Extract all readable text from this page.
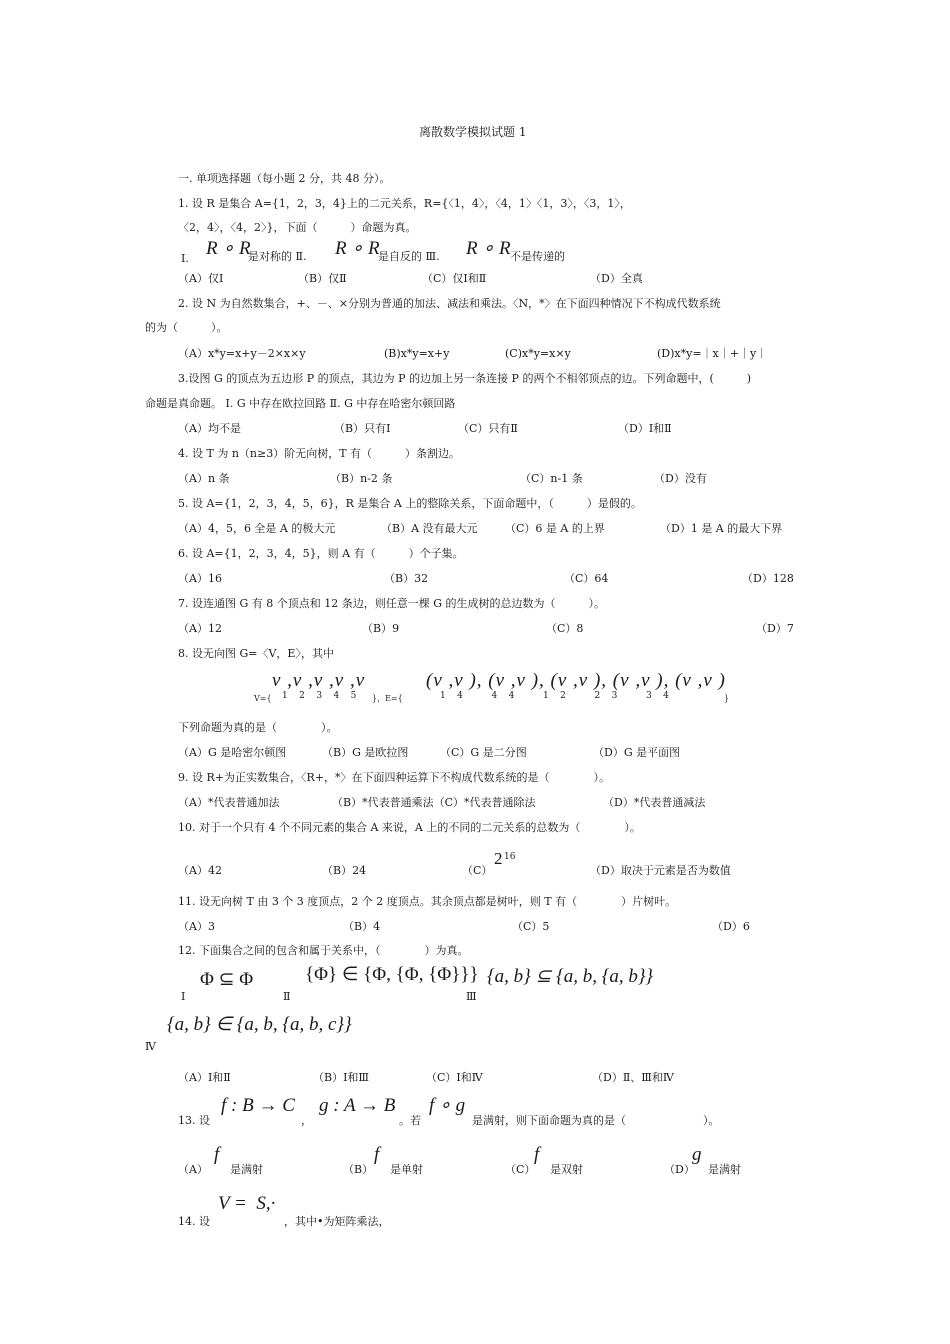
离散数学模拟试题 1
一. 单项选择题（每小题 2 分，共 48 分）。
1. 设 R 是集合 A={1，2，3，4}上的二元关系，R={〈1，4〉，〈4，1〉〈1，3〉，〈3，1〉，
〈2，4〉，〈4，2〉}，下面（　　　）命题为真。
Ⅰ. R ∘ R
是对称的 Ⅱ. R ∘ R
是自反的 Ⅲ. R ∘ R 不是传递的
（A）仅Ⅰ	（B）仅Ⅱ	（C）仅Ⅰ和Ⅱ	（D）全真
2. 设 N 为自然数集合，+、－、×分别为普通的加法、减法和乘法。〈N，*〉在下面四种情况下不构成代数系统
的为（　　　）。
（A）x*y=x+y－2×x×y	(B)x*y=x+y	(C)x*y=x×y	(D)x*y=｜x｜+｜y｜
3.设图 G 的顶点为五边形 P 的顶点，其边为 P 的边加上另一条连接 P 的两个不相邻顶点的边。下列命题中，(　　　)
命题是真命题。 Ⅰ. G 中存在欧拉回路 Ⅱ. G 中存在哈密尔顿回路
（A）均不是	（B）只有Ⅰ	（C）只有Ⅱ	（D）Ⅰ和Ⅱ
4. 设 T 为 n（n≥3）阶无向树，T 有（　　　）条割边。
（A）n 条	（B）n-2 条	（C）n-1 条	（D）没有
5. 设 A={1，2，3，4，5，6}，R 是集合 A 上的整除关系，下面命题中，（　　　）是假的。
（A）4，5，6 全是 A 的极大元	（B）A 没有最大元 （C）6 是 A 的上界	（D）1 是 A 的最大下界
6. 设 A={1，2，3，4，5}，则 A 有（　　　）个子集。
（A）16	（B）32	（C）64	（D）128
7. 设连通图 G 有 8 个顶点和 12 条边，则任意一棵 G 的生成树的总边数为（　　　）。
（A）12	（B）9	（C）8	（D）7
8. 设无向图 G=〈V，E〉，其中
V={
v ,v ,v ,v ,v
1    2    3    4    5 }，E={
(v ,v ), (v ,v ), (v ,v ), (v ,v ), (v ,v )
1    4          4    4          1    2          2    3          3    4	}
下列命题为真的是（　　　　）。
（A）G 是哈密尔顿图	（B）G 是欧拉图	（C）G 是二分图	（D）G 是平面图
9. 设 R+为正实数集合，〈R+，*〉在下面四种运算下不构成代数系统的是（　　　　）。
（A）*代表普通加法	（B）*代表普通乘法（C）*代表普通除法	（D）*代表普通减法
10. 对于一个只有 4 个不同元素的集合 A 来说，A 上的不同的二元关系的总数为（　　　　）。
（A）42	（B）24	（C）
2 16
（D）取决于元素是否为数值
11. 设无向树 T 由 3 个 3 度顶点，2 个 2 度顶点。其余顶点都是树叶，则 T 有（　　　　）片树叶。
（A）3	（B）4	（C）5	（D）6
12. 下面集合之间的包含和属于关系中，（　　　　）为真。
Ⅰ
Φ ⊆ Φ
Ⅱ
{Φ} ∈ {Φ, {Φ, {Φ}}}
Ⅲ
{a, b} ⊆ {a, b, {a, b}}
Ⅳ
{a, b} ∈ {a, b, {a, b, c}}
（A）Ⅰ和Ⅱ	（B）Ⅰ和Ⅲ	（C）Ⅰ和Ⅳ	（D）Ⅱ、Ⅲ和Ⅳ
13. 设
f : B → C
，
g : A → B
。若
f ∘ g
是满射，则下面命题为真的是（　　　　　　　）。
（A）
f
是满射	（B）
f
是单射	（C）
f
是双射	（D）
g
是满射
V =  S,·
14. 设	，其中•为矩阵乘法，
